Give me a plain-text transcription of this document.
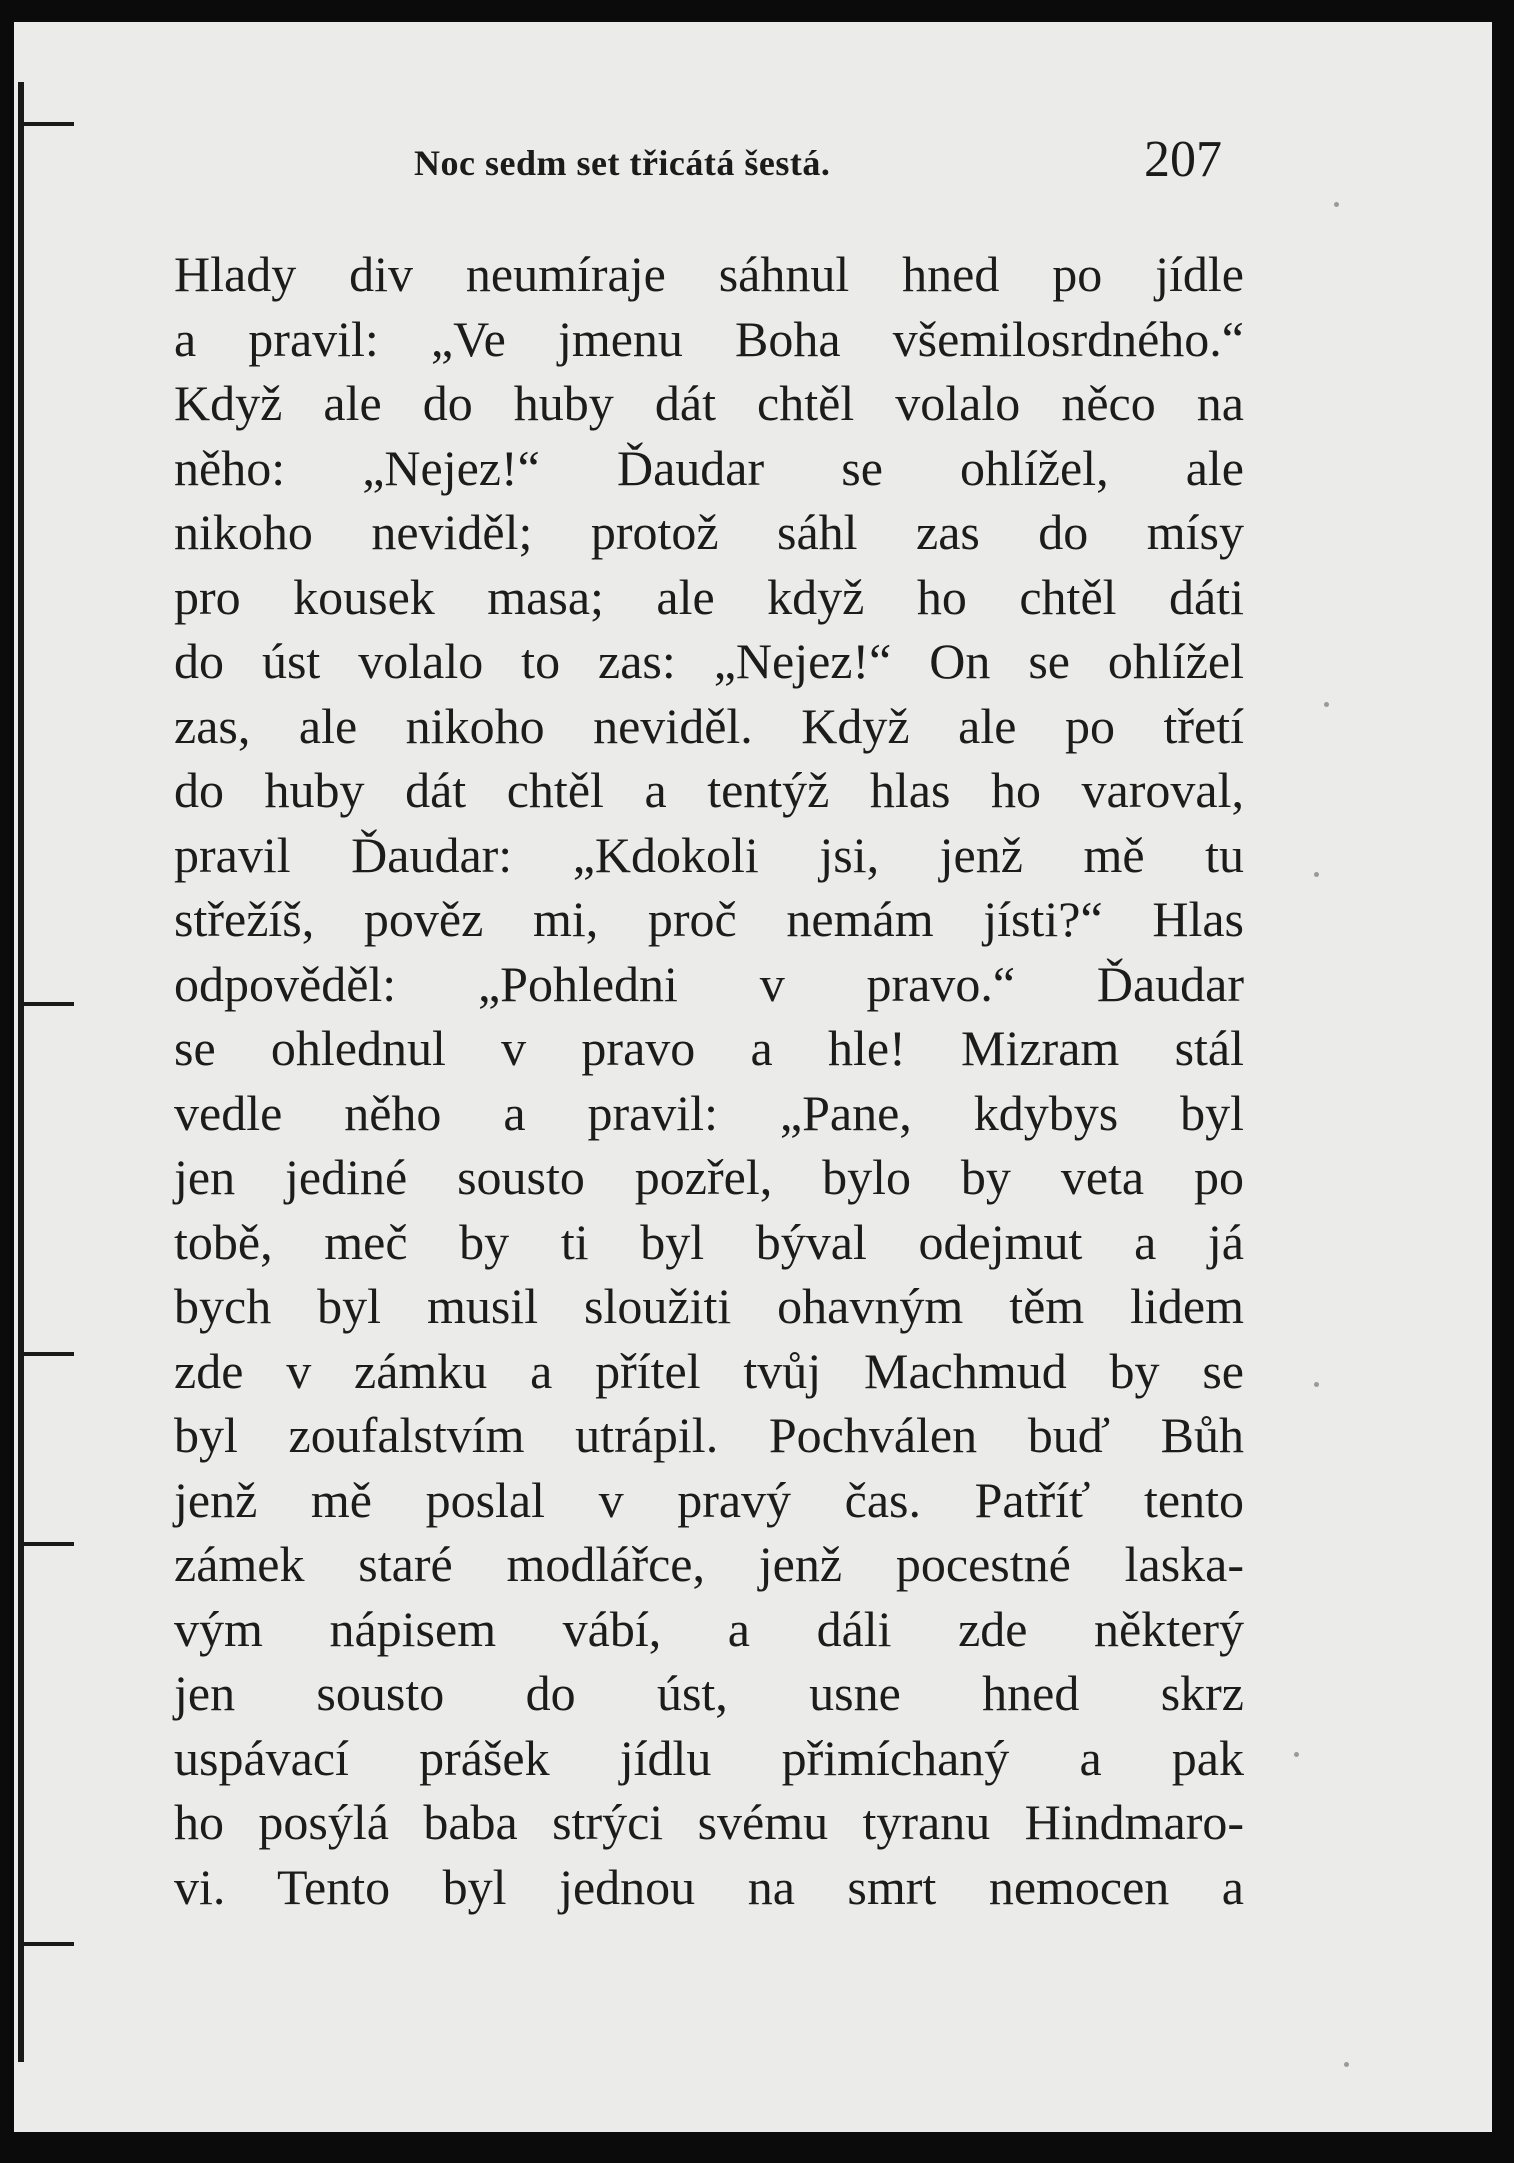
Noc sedm set třicátá šestá.	207
Hlady div neumíraje sáhnul hned po jídle
a pravil: „Ve jmenu Boha všemilosrdného.“
Když ale do huby dát chtěl volalo něco na
něho: „Nejez!“ Ďaudar se ohlížel, ale
nikoho neviděl; protož sáhl zas do mísy
pro kousek masa; ale když ho chtěl dáti
do úst volalo to zas: „Nejez!“ On se ohlížel
zas, ale nikoho neviděl. Když ale po třetí
do huby dát chtěl a tentýž hlas ho varoval,
pravil Ďaudar: „Kdokoli jsi, jenž mě tu
střežíš, pověz mi, proč nemám jísti?“ Hlas
odpověděl: „Pohledni v pravo.“ Ďaudar
se ohlednul v pravo a hle! Mizram stál
vedle něho a pravil: „Pane, kdybys byl
jen jediné sousto pozřel, bylo by veta po
tobě, meč by ti byl býval odejmut a já
bych byl musil sloužiti ohavným těm lidem
zde v zámku a přítel tvůj Machmud by se
byl zoufalstvím utrápil. Pochválen buď Bůh
jenž mě poslal v pravý čas. Patříť tento
zámek staré modlářce, jenž pocestné laska-
vým nápisem vábí, a dáli zde některý
jen sousto do úst, usne hned skrz
uspávací prášek jídlu přimíchaný a pak
ho posýlá baba strýci svému tyranu Hindmaro-
vi. Tento byl jednou na smrt nemocen a
